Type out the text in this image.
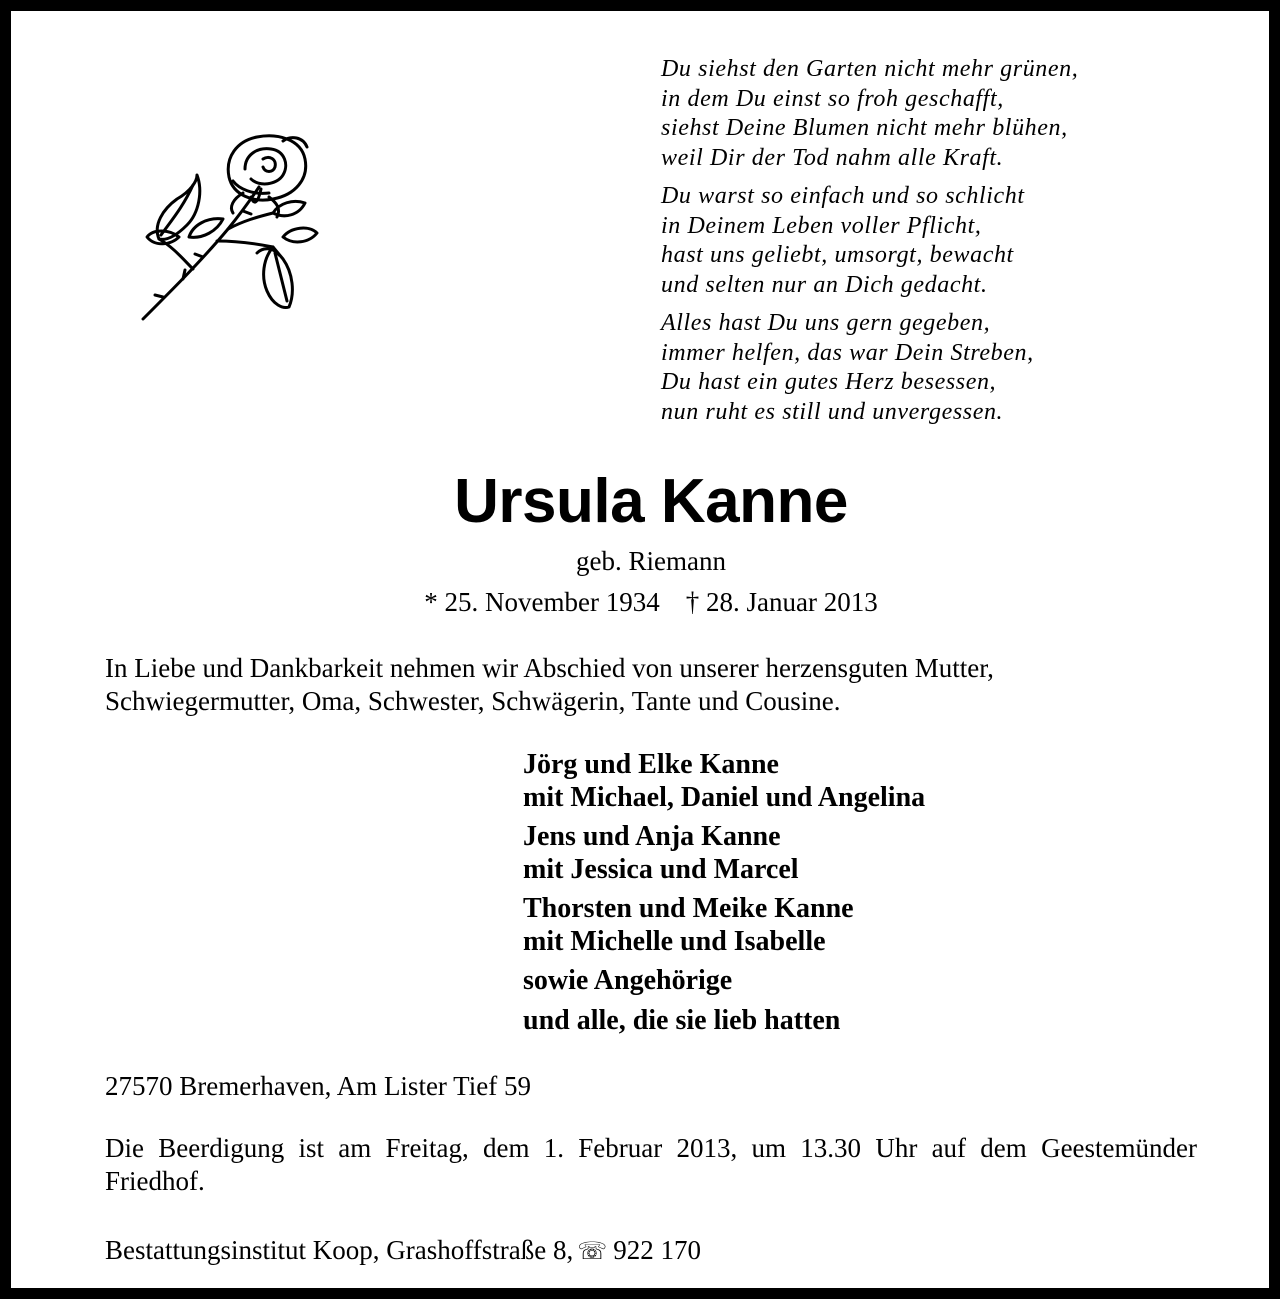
Du siehst den Garten nicht mehr grünen,
in dem Du einst so froh geschafft,
siehst Deine Blumen nicht mehr blühen,
weil Dir der Tod nahm alle Kraft.
Du warst so einfach und so schlicht
in Deinem Leben voller Pflicht,
hast uns geliebt, umsorgt, bewacht
und selten nur an Dich gedacht.
Alles hast Du uns gern gegeben,
immer helfen, das war Dein Streben,
Du hast ein gutes Herz besessen,
nun ruht es still und unvergessen.
Ursula Kanne
geb. Riemann
* 25. November 1934 † 28. Januar 2013
In Liebe und Dankbarkeit nehmen wir Abschied von unserer herzensguten Mutter,
Schwiegermutter, Oma, Schwester, Schwägerin, Tante und Cousine.
Jörg und Elke Kanne
mit Michael, Daniel und Angelina
Jens und Anja Kanne
mit Jessica und Marcel
Thorsten und Meike Kanne
mit Michelle und Isabelle
sowie Angehörige
und alle, die sie lieb hatten
27570 Bremerhaven, Am Lister Tief 59
Die Beerdigung ist am Freitag, dem 1. Februar 2013, um 13.30 Uhr auf dem Geestemünder Friedhof.
Bestattungsinstitut Koop, Grashoffstraße 8, ☏ 922 170
